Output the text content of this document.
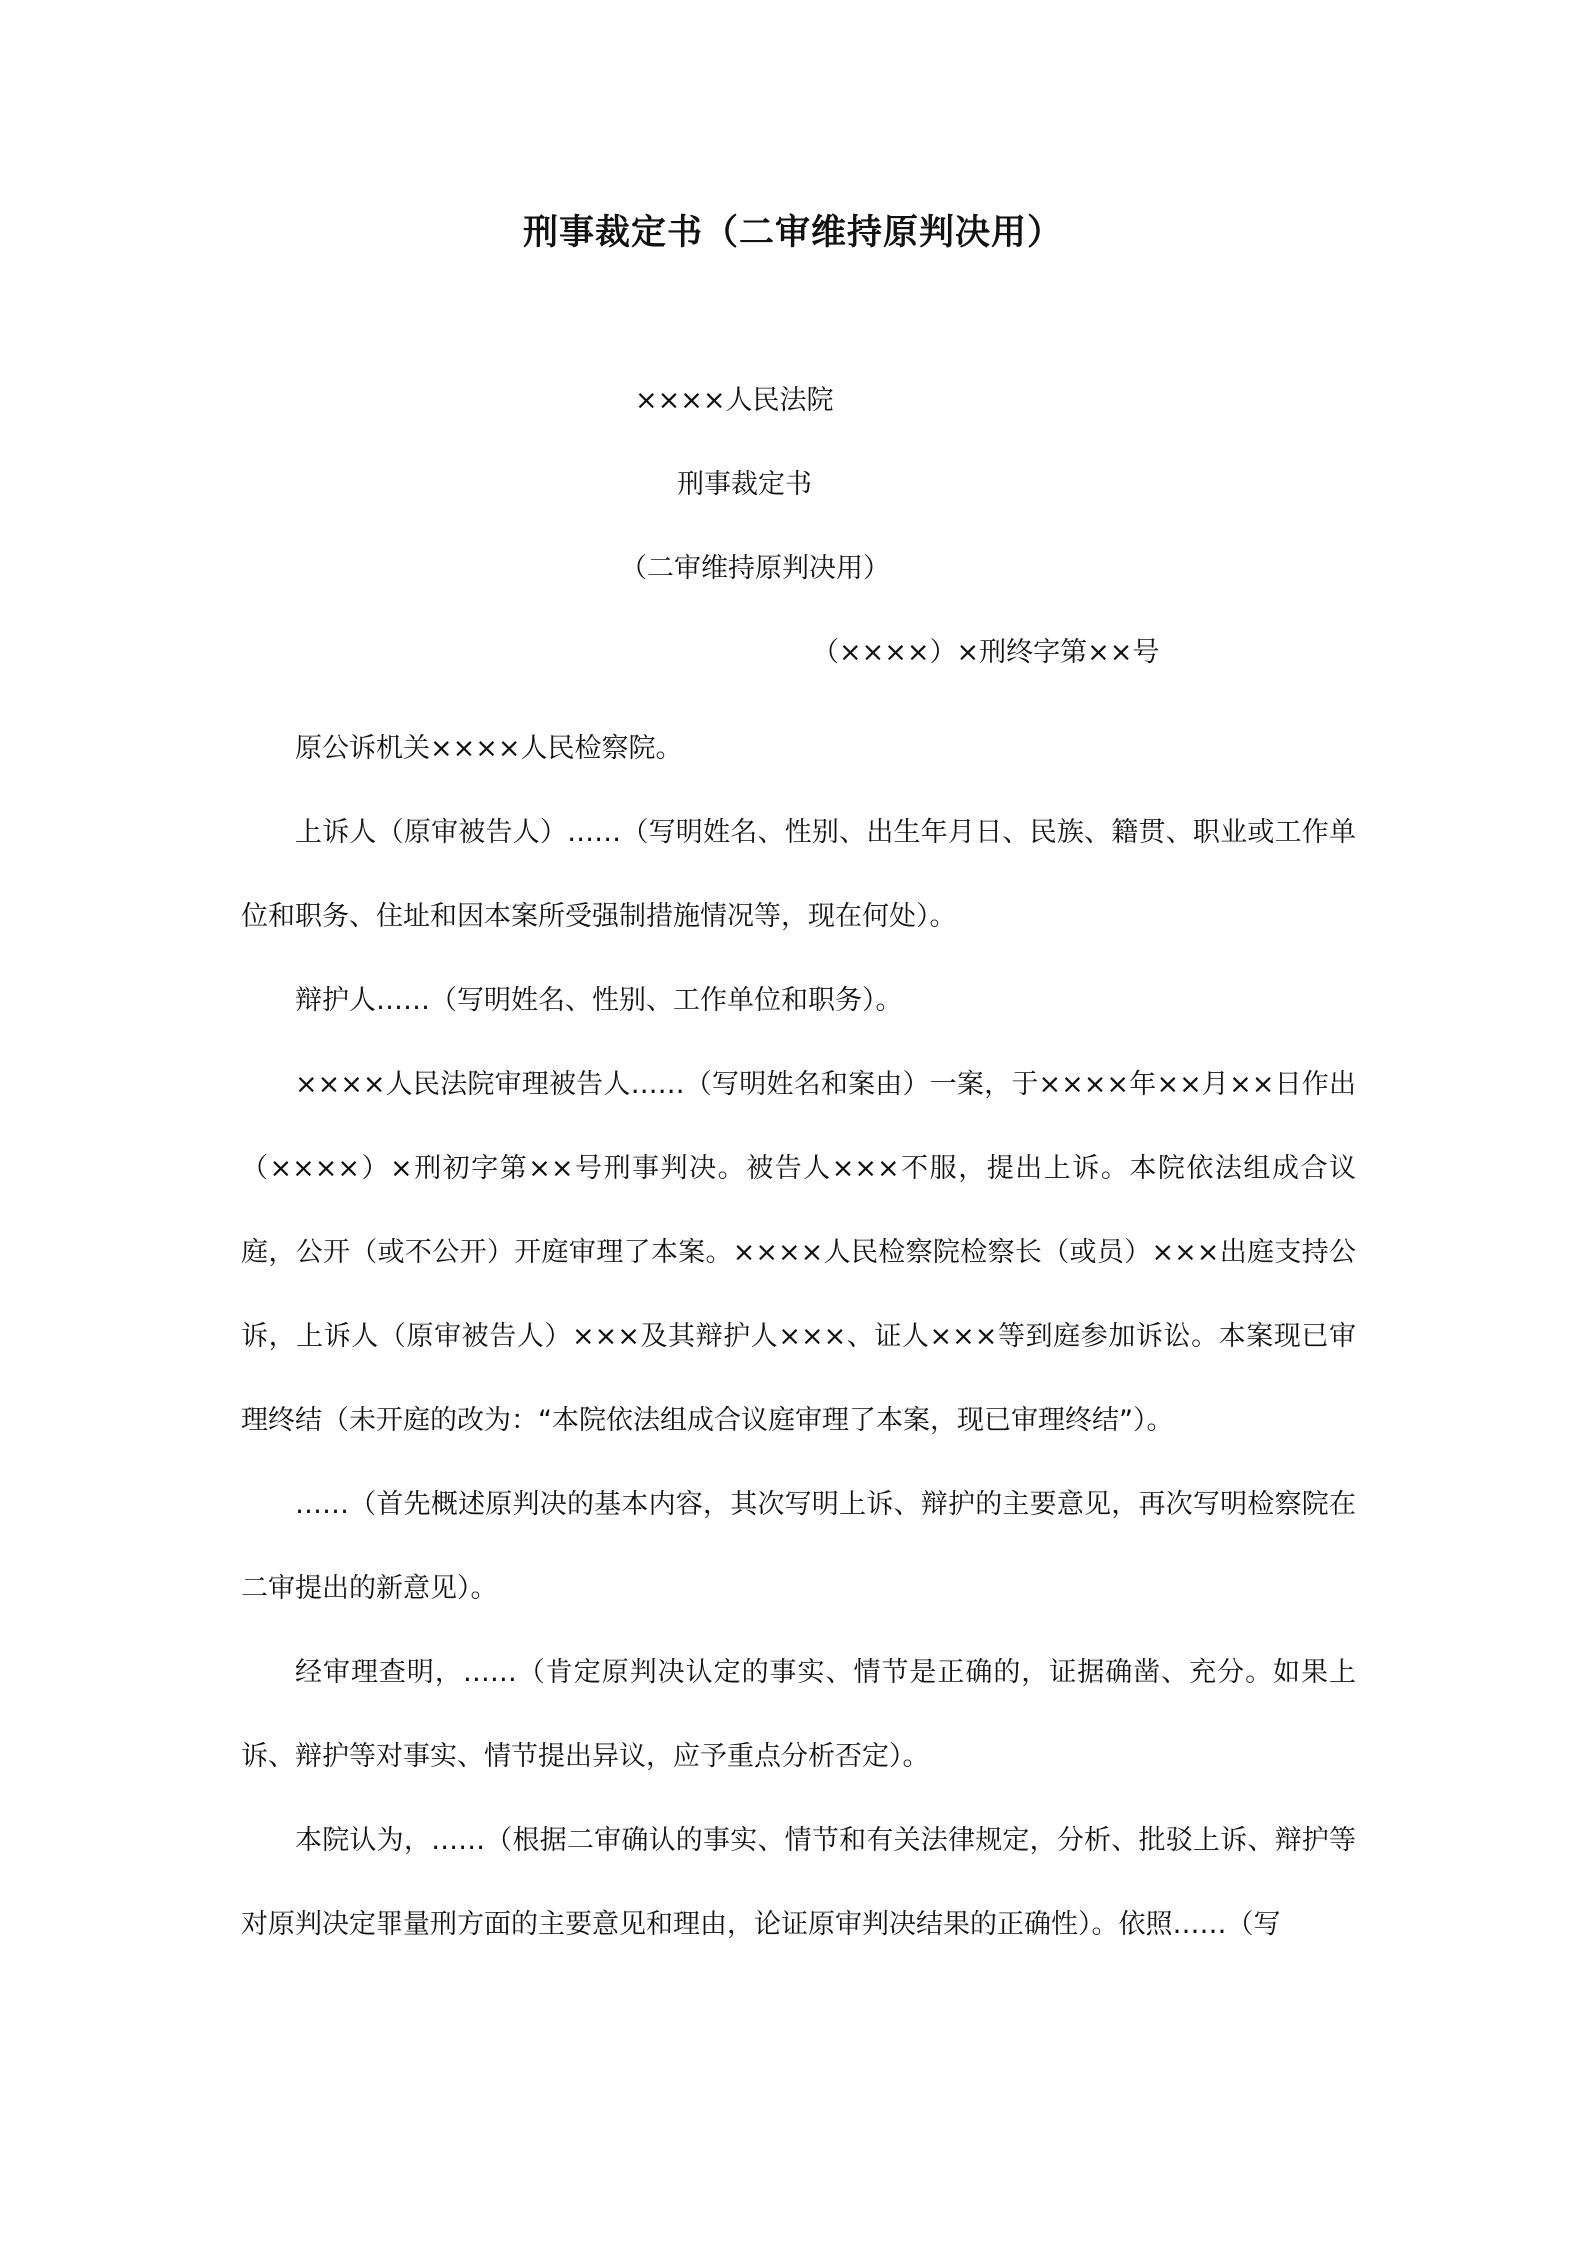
刑事裁定书（二审维持原判决用）
××××人民法院
刑事裁定书
（二审维持原判决用）
（××××）×刑终字第××号

原公诉机关××××人民检察院。

上诉人（原审被告人）……（写明姓名、性别、出生年月日、民族、籍贯、职业或工作单位和职务、住址和因本案所受强制措施情况等，现在何处）。

辩护人……（写明姓名、性别、工作单位和职务）。

××××人民法院审理被告人……（写明姓名和案由）一案，于××××年××月××日作出（××××）×刑初字第××号刑事判决。被告人×××不服，提出上诉。本院依法组成合议庭，公开（或不公开）开庭审理了本案。××××人民检察院检察长（或员）×××出庭支持公诉，上诉人（原审被告人）×××及其辩护人×××、证人×××等到庭参加诉讼。本案现已审理终结（未开庭的改为：“本院依法组成合议庭审理了本案，现已审理终结”）。

……（首先概述原判决的基本内容，其次写明上诉、辩护的主要意见，再次写明检察院在二审提出的新意见）。

经审理查明，……（肯定原判决认定的事实、情节是正确的，证据确凿、充分。如果上诉、辩护等对事实、情节提出异议，应予重点分析否定）。

本院认为，……（根据二审确认的事实、情节和有关法律规定，分析、批驳上诉、辩护等对原判决定罪量刑方面的主要意见和理由，论证原审判决结果的正确性）。依照……（写
